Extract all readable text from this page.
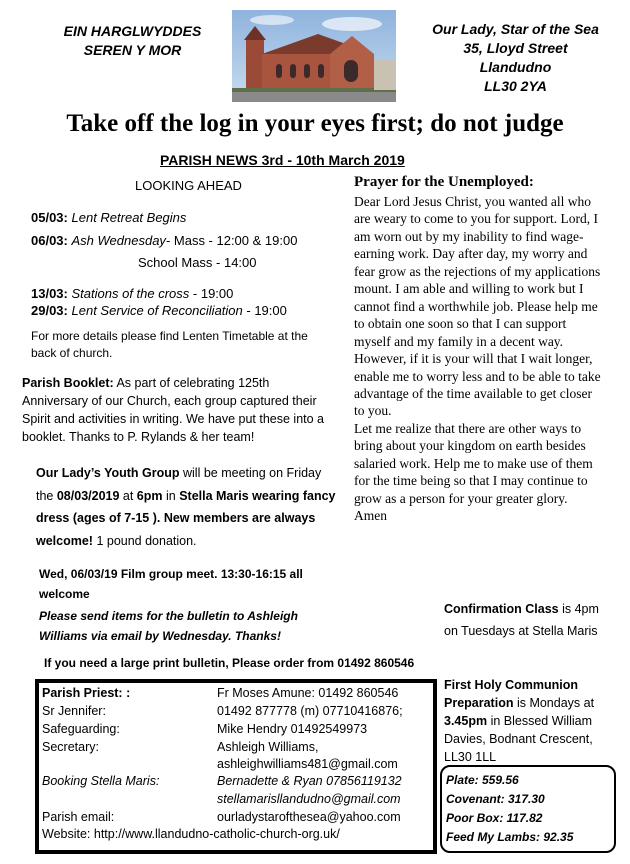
EIN HARGLWYDDES
SEREN Y MOR
Our Lady, Star of the Sea
35, Lloyd Street
Llandudno
LL30 2YA
Take off the log in your eyes first; do not judge
PARISH NEWS 3rd - 10th March 2019
LOOKING AHEAD
05/03: Lent Retreat Begins
06/03: Ash Wednesday- Mass - 12:00 & 19:00
School Mass - 14:00
13/03: Stations of the cross - 19:00
29/03: Lent Service of Reconciliation - 19:00
For more details please find Lenten Timetable at the back of church.
Parish Booklet: As part of celebrating 125th Anniversary of our Church, each group captured their Spirit and activities in writing. We have put these into a booklet. Thanks to P. Rylands & her team!
Our Lady’s Youth Group will be meeting on Friday the 08/03/2019 at 6pm in Stella Maris wearing fancy dress (ages of 7-15 ). New members are always welcome! 1 pound donation.
Wed, 06/03/19 Film group meet. 13:30-16:15 all welcome
Please send items for the bulletin to Ashleigh Williams via email by Wednesday. Thanks!
If you need a large print bulletin, Please order from 01492 860546
Prayer for the Unemployed:
Dear Lord Jesus Christ, you wanted all who are weary to come to you for support. Lord, I am worn out by my inability to find wage-earning work. Day after day, my worry and fear grow as the rejections of my applications mount. I am able and willing to work but I cannot find a worthwhile job. Please help me to obtain one soon so that I can support myself and my family in a decent way. However, if it is your will that I wait longer, enable me to worry less and to be able to take advantage of the time available to get closer to you.
Let me realize that there are other ways to bring about your kingdom on earth besides salaried work. Help me to make use of them for the time being so that I may continue to grow as a person for your greater glory. Amen
Confirmation Class is 4pm on Tuesdays at Stella Maris
First Holy Communion Preparation is Mondays at 3.45pm in Blessed William Davies, Bodnant Crescent, LL30 1LL
Plate: 559.56
Covenant: 317.30
Poor Box: 117.82
Feed My Lambs: 92.35
Parish Priest: :	Fr Moses Amune: 01492 860546
Sr Jennifer:	01492 877778 (m) 07710416876;
Safeguarding:	Mike Hendry 01492549973
Secretary:	Ashleigh Williams,
ashleighwilliams481@gmail.com
Booking Stella Maris:	Bernadette & Ryan 07856119132
stellamarisllandudno@gmail.com
Parish email:	ourladystarofthesea@yahoo.com
Website: http://www.llandudno-catholic-church-org.uk/
